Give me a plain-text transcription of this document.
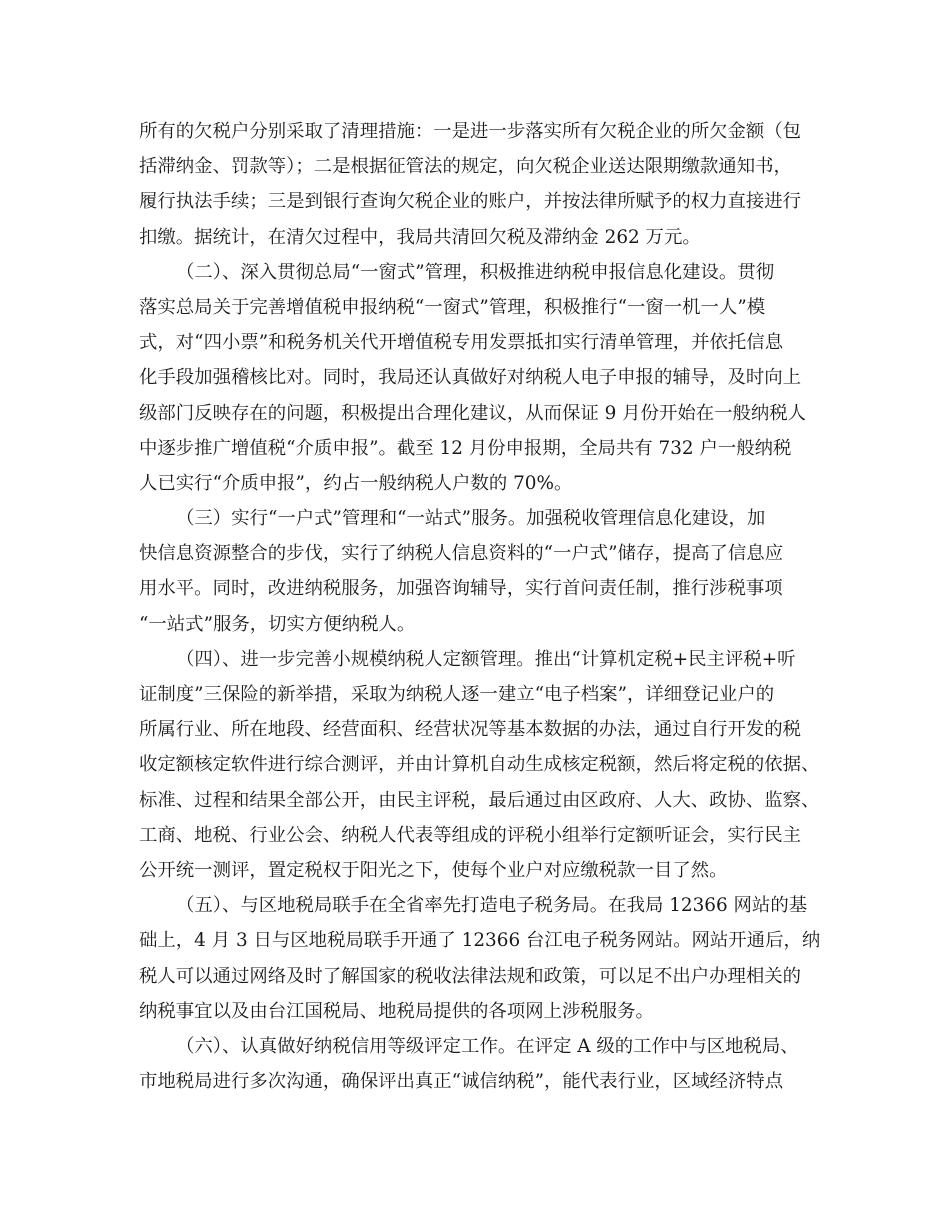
所有的欠税户分别采取了清理措施：一是进一步落实所有欠税企业的所欠金额（包
括滞纳金、罚款等）；二是根据征管法的规定，向欠税企业送达限期缴款通知书，
履行执法手续；三是到银行查询欠税企业的账户，并按法律所赋予的权力直接进行
扣缴。据统计，在清欠过程中，我局共清回欠税及滞纳金 262 万元。
（二）、深入贯彻总局“一窗式”管理，积极推进纳税申报信息化建设。贯彻
落实总局关于完善增值税申报纳税“一窗式”管理，积极推行“一窗一机一人”模
式，对“四小票”和税务机关代开增值税专用发票抵扣实行清单管理，并依托信息
化手段加强稽核比对。同时，我局还认真做好对纳税人电子申报的辅导，及时向上
级部门反映存在的问题，积极提出合理化建议，从而保证 9 月份开始在一般纳税人
中逐步推广增值税“介质申报”。截至 12 月份申报期，全局共有 732 户一般纳税
人已实行“介质申报”，约占一般纳税人户数的 70%。
（三）实行“一户式”管理和“一站式”服务。加强税收管理信息化建设，加
快信息资源整合的步伐，实行了纳税人信息资料的“一户式”储存，提高了信息应
用水平。同时，改进纳税服务，加强咨询辅导，实行首问责任制，推行涉税事项
“一站式”服务，切实方便纳税人。
（四）、进一步完善小规模纳税人定额管理。推出“计算机定税+民主评税+听
证制度”三保险的新举措，采取为纳税人逐一建立“电子档案”，详细登记业户的
所属行业、所在地段、经营面积、经营状况等基本数据的办法，通过自行开发的税
收定额核定软件进行综合测评，并由计算机自动生成核定税额，然后将定税的依据、
标准、过程和结果全部公开，由民主评税，最后通过由区政府、人大、政协、监察、
工商、地税、行业公会、纳税人代表等组成的评税小组举行定额听证会，实行民主
公开统一测评，置定税权于阳光之下，使每个业户对应缴税款一目了然。
（五）、与区地税局联手在全省率先打造电子税务局。在我局 12366 网站的基
础上，4 月 3 日与区地税局联手开通了 12366 台江电子税务网站。网站开通后，纳
税人可以通过网络及时了解国家的税收法律法规和政策，可以足不出户办理相关的
纳税事宜以及由台江国税局、地税局提供的各项网上涉税服务。
（六）、认真做好纳税信用等级评定工作。在评定 A 级的工作中与区地税局、
市地税局进行多次沟通，确保评出真正“诚信纳税”，能代表行业，区域经济特点
